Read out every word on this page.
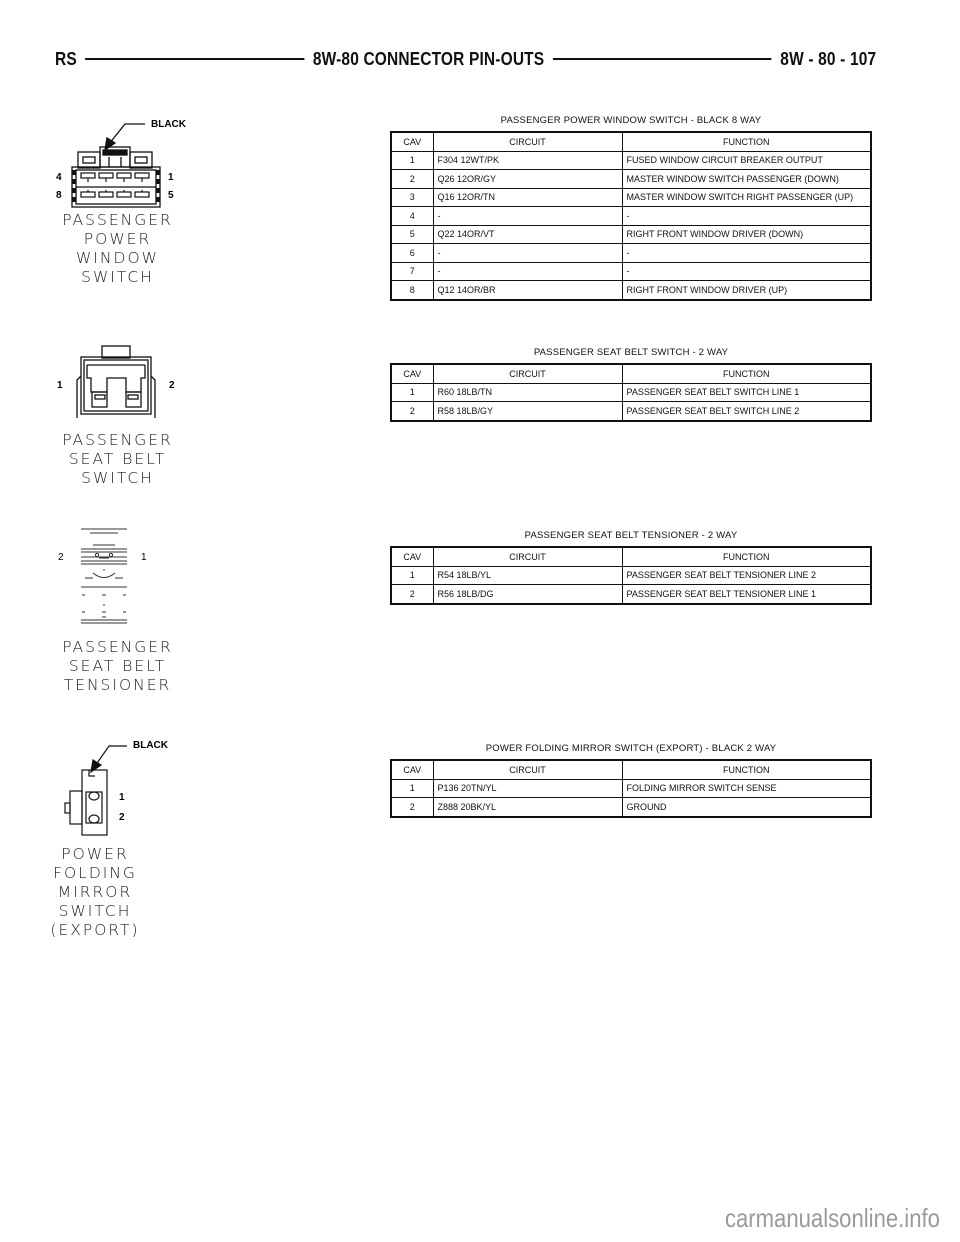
RS	8W-80 CONNECTOR PIN-OUTS	8W - 80 - 107
BLACK
4	1
8	5
PASSENGER
POWER
WINDOW
SWITCH
PASSENGER POWER WINDOW SWITCH - BLACK 8 WAY
CAV	CIRCUIT	FUNCTION
1	F304 12WT/PK	FUSED WINDOW CIRCUIT BREAKER OUTPUT
2	Q26 12OR/GY	MASTER WINDOW SWITCH PASSENGER (DOWN)
3	Q16 12OR/TN	MASTER WINDOW SWITCH RIGHT PASSENGER (UP)
4	-	-
5	Q22 14OR/VT	RIGHT FRONT WINDOW DRIVER (DOWN)
6	-	-
7	-	-
8	Q12 14OR/BR	RIGHT FRONT WINDOW DRIVER (UP)
1	2
PASSENGER
SEAT BELT
SWITCH
PASSENGER SEAT BELT SWITCH - 2 WAY
CAV	CIRCUIT	FUNCTION
1	R60 18LB/TN	PASSENGER SEAT BELT SWITCH LINE 1
2	R58 18LB/GY	PASSENGER SEAT BELT SWITCH LINE 2
2	1
PASSENGER
SEAT BELT
TENSIONER
PASSENGER SEAT BELT TENSIONER - 2 WAY
CAV	CIRCUIT	FUNCTION
1	R54 18LB/YL	PASSENGER SEAT BELT TENSIONER LINE 2
2	R56 18LB/DG	PASSENGER SEAT BELT TENSIONER LINE 1
BLACK
1
2
POWER
FOLDING
MIRROR
SWITCH
(EXPORT)
POWER FOLDING MIRROR SWITCH (EXPORT) - BLACK 2 WAY
CAV	CIRCUIT	FUNCTION
1	P136 20TN/YL	FOLDING MIRROR SWITCH SENSE
2	Z888 20BK/YL	GROUND
carmanualsonline.info
